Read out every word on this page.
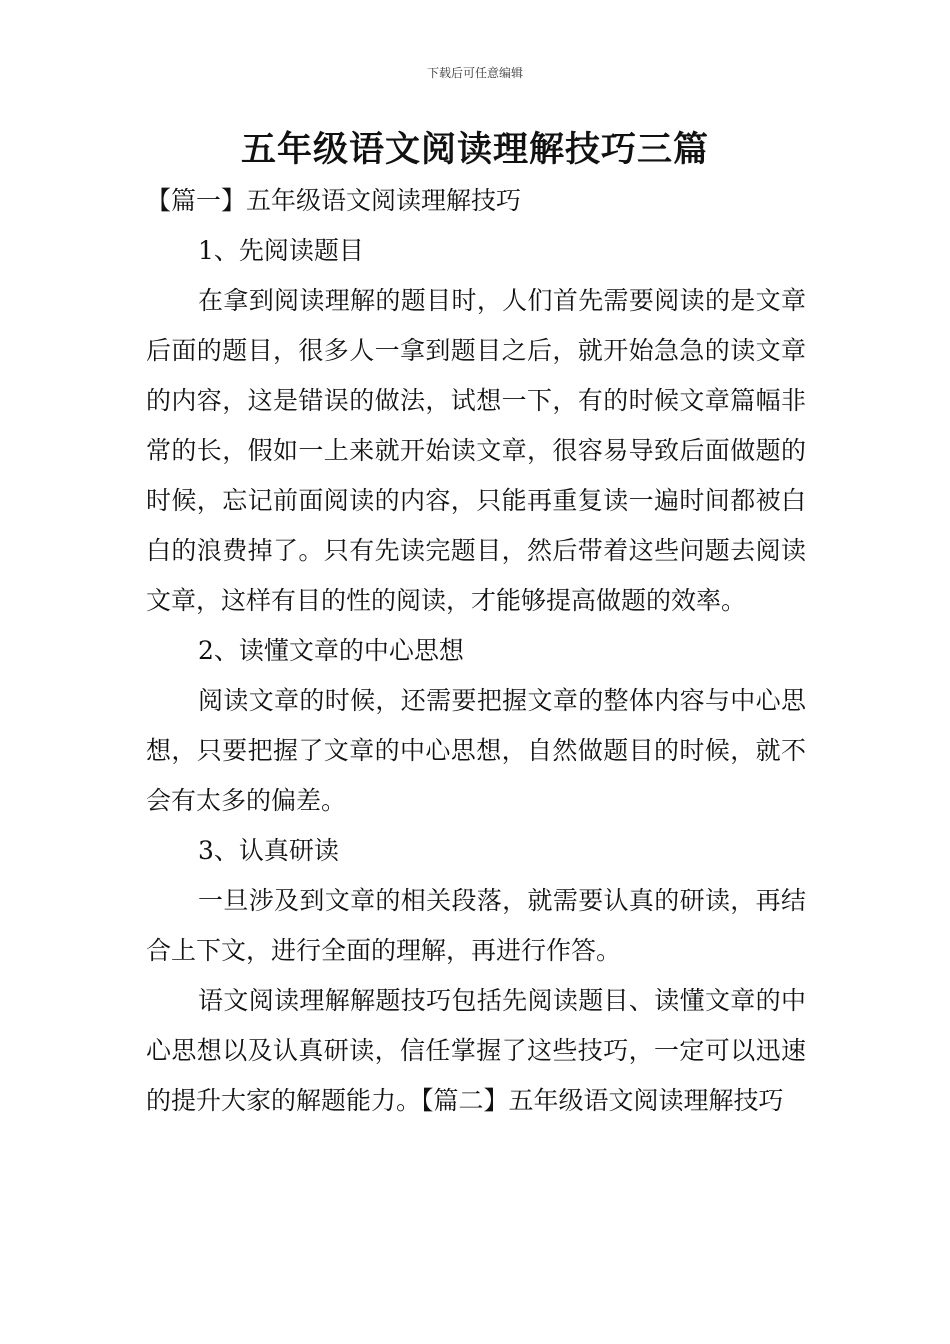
下载后可任意编辑
五年级语文阅读理解技巧三篇

【篇一】五年级语文阅读理解技巧

1、先阅读题目

在拿到阅读理解的题目时，人们首先需要阅读的是文章后面的题目，很多人一拿到题目之后，就开始急急的读文章的内容，这是错误的做法，试想一下，有的时候文章篇幅非常的长，假如一上来就开始读文章，很容易导致后面做题的时候，忘记前面阅读的内容，只能再重复读一遍时间都被白白的浪费掉了。只有先读完题目，然后带着这些问题去阅读文章，这样有目的性的阅读，才能够提高做题的效率。

2、读懂文章的中心思想

阅读文章的时候，还需要把握文章的整体内容与中心思想，只要把握了文章的中心思想，自然做题目的时候，就不会有太多的偏差。

3、认真研读

一旦涉及到文章的相关段落，就需要认真的研读，再结合上下文，进行全面的理解，再进行作答。

语文阅读理解解题技巧包括先阅读题目、读懂文章的中心思想以及认真研读，信任掌握了这些技巧，一定可以迅速的提升大家的解题能力。【篇二】五年级语文阅读理解技巧
